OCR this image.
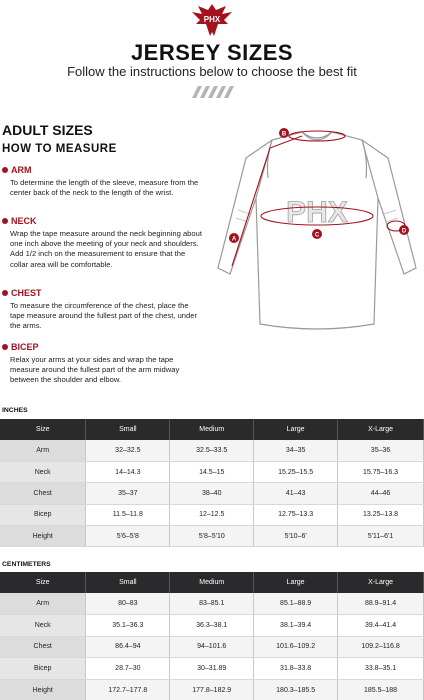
PHX
JERSEY SIZES
Follow the instructions below to choose the best fit
ADULT SIZES
HOW TO MEASURE
ARM
To determine the length of the sleeve, measure from the center back of the neck to the length of the wrist.
NECK
Wrap the tape measure around the neck beginning about one inch above the meeting of your neck and shoulders. Add 1/2 inch on the measurement to ensure that the collar area will be comfortable.
CHEST
To measure the circumference of the chest, place the tape measure around the fullest part of the chest, under the arms.
BICEP
Relax your arms at your sides and wrap the tape measure around the fullest part of the arm midway between the shoulder and elbow.
PHX
A
B
C
D
INCHES
Size	Small	Medium	Large	X-Large
Arm	32–32.5	32.5–33.5	34–35	35–36
Neck	14–14.3	14.5–15	15.25–15.5	15.75–16.3
Chest	35–37	38–40	41–43	44–46
Bicep	11.5–11.8	12–12.5	12.75–13.3	13.25–13.8
Height	5'6–5'8	5'8–5'10	5'10–6'	5'11–6'1
CENTIMETERS
Size	Small	Medium	Large	X-Large
Arm	80–83	83–85.1	85.1–88.9	88.9–91.4
Neck	35.1–36.3	36.3–38.1	38.1–39.4	39.4–41.4
Chest	86.4–94	94–101.6	101.6–109.2	109.2–116.8
Bicep	28.7–30	30–31.89	31.8–33.8	33.8–35.1
Height	172.7–177.8	177.8–182.9	180.3–185.5	185.5–188
